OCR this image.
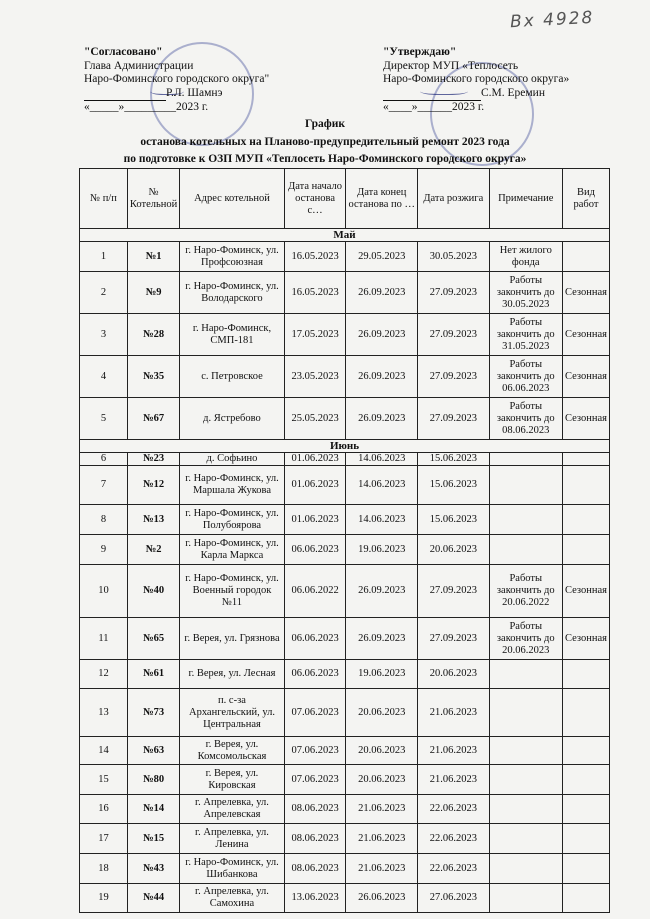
Вх 4928
"Согласовано"
Глава Администрации
Наро-Фоминского городского округа"
Р.Л. Шамнэ
«_____»_________2023 г.
"Утверждаю"
Директор МУП «Теплосеть
Наро-Фоминского городского округа»
С.М. Еремин
«____»______2023 г.
График
останова котельных на Планово-предупредительный ремонт 2023 года
по подготовке к ОЗП МУП «Теплосеть Наро-Фоминского городского округа»
№ п/п	№ Котельной	Адрес котельной	Дата начало останова с…	Дата конец останова по …	Дата розжига	Примечание	Вид работ
Май							
1	№1	г. Наро-Фоминск, ул. Профсоюзная	16.05.2023	29.05.2023	30.05.2023	Нет жилого фонда	
2	№9	г. Наро-Фоминск, ул. Володарского	16.05.2023	26.09.2023	27.09.2023	Работы закончить до 30.05.2023	Сезонная
3	№28	г. Наро-Фоминск, СМП-181	17.05.2023	26.09.2023	27.09.2023	Работы закончить до 31.05.2023	Сезонная
4	№35	с. Петровское	23.05.2023	26.09.2023	27.09.2023	Работы закончить до 06.06.2023	Сезонная
5	№67	д. Ястребово	25.05.2023	26.09.2023	27.09.2023	Работы закончить до 08.06.2023	Сезонная
Июнь							
6	№23	д. Софьино	01.06.2023	14.06.2023	15.06.2023		
7	№12	г. Наро-Фоминск, ул. Маршала Жукова	01.06.2023	14.06.2023	15.06.2023		
8	№13	г. Наро-Фоминск, ул. Полубоярова	01.06.2023	14.06.2023	15.06.2023		
9	№2	г. Наро-Фоминск, ул. Карла Маркса	06.06.2023	19.06.2023	20.06.2023		
10	№40	г. Наро-Фоминск, ул. Военный городок №11	06.06.2022	26.09.2023	27.09.2023	Работы закончить до 20.06.2022	Сезонная
11	№65	г. Верея, ул. Грязнова	06.06.2023	26.09.2023	27.09.2023	Работы закончить до 20.06.2023	Сезонная
12	№61	г. Верея, ул. Лесная	06.06.2023	19.06.2023	20.06.2023		
13	№73	п. с-за Архангельский, ул. Центральная	07.06.2023	20.06.2023	21.06.2023		
14	№63	г. Верея, ул. Комсомольская	07.06.2023	20.06.2023	21.06.2023		
15	№80	г. Верея, ул. Кировская	07.06.2023	20.06.2023	21.06.2023		
16	№14	г. Апрелевка, ул. Апрелевская	08.06.2023	21.06.2023	22.06.2023		
17	№15	г. Апрелевка, ул. Ленина	08.06.2023	21.06.2023	22.06.2023		
18	№43	г. Наро-Фоминск, ул. Шибанкова	08.06.2023	21.06.2023	22.06.2023		
19	№44	г. Апрелевка, ул. Самохина	13.06.2023	26.06.2023	27.06.2023		
